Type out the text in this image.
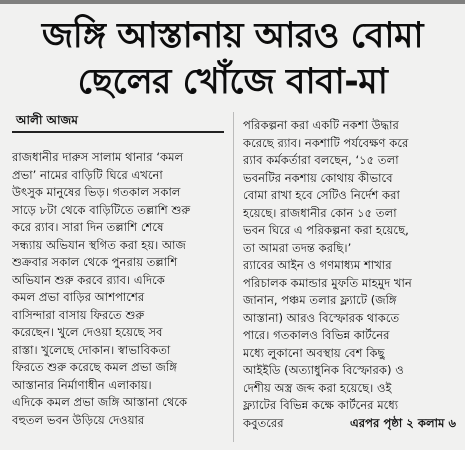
জঙ্গি আস্তানায় আরও বোমা
ছেলের খোঁজে বাবা-মা
আলী আজম
রাজধানীর দারুস সালাম থানার ‘কমল
প্রভা’ নামের বাড়িটি ঘিরে এখনো
উৎসুক মানুষের ভিড়। গতকাল সকাল
সাড়ে ৮টা থেকে বাড়িটিতে তল্লাশি শুরু
করে র‍্যাব। সারা দিন তল্লাশি শেষে
সন্ধ্যায় অভিযান স্থগিত করা হয়। আজ
শুক্রবার সকাল থেকে পুনরায় তল্লাশি
অভিযান শুরু করবে র‍্যাব। এদিকে
কমল প্রভা বাড়ির আশপাশের
বাসিন্দারা বাসায় ফিরতে শুরু
করেছেন। খুলে দেওয়া হয়েছে সব
রাস্তা। খুলেছে দোকান। স্বাভাবিকতা
ফিরতে শুরু করেছে কমল প্রভা জঙ্গি
আস্তানার নির্মাণাধীন এলাকায়।
এদিকে কমল প্রভা জঙ্গি আস্তানা থেকে
বহুতল ভবন উড়িয়ে দেওয়ার
পরিকল্পনা করা একটি নকশা উদ্ধার
করেছে র‍্যাব। নকশাটি পর্যবেক্ষণ করে
র‍্যাব কর্মকর্তারা বলছেন, ‘১৫ তলা
ভবনটির নকশায় কোথায় কীভাবে
বোমা রাখা হবে সেটিও নির্দেশ করা
হয়েছে। রাজধানীর কোন ১৫ তলা
ভবন ঘিরে এ পরিকল্পনা করা হয়েছে,
তা আমরা তদন্ত করছি।’
র‍্যাবের আইন ও গণমাধ্যম শাখার
পরিচালক কমান্ডার মুফতি মাহমুদ খান
জানান, পঞ্চম তলার ফ্ল্যাটে (জঙ্গি
আস্তানা) আরও বিস্ফোরক থাকতে
পারে। গতকালও বিভিন্ন কার্টনের
মধ্যে লুকানো অবস্থায় বেশ কিছু
আইইডি (অত্যাধুনিক বিস্ফোরক) ও
দেশীয় অস্ত্র জব্দ করা হয়েছে। ওই
ফ্ল্যাটের বিভিন্ন কক্ষে কার্টনের মধ্যে
কবুতরের	এরপর পৃষ্ঠা ২ কলাম ৬
